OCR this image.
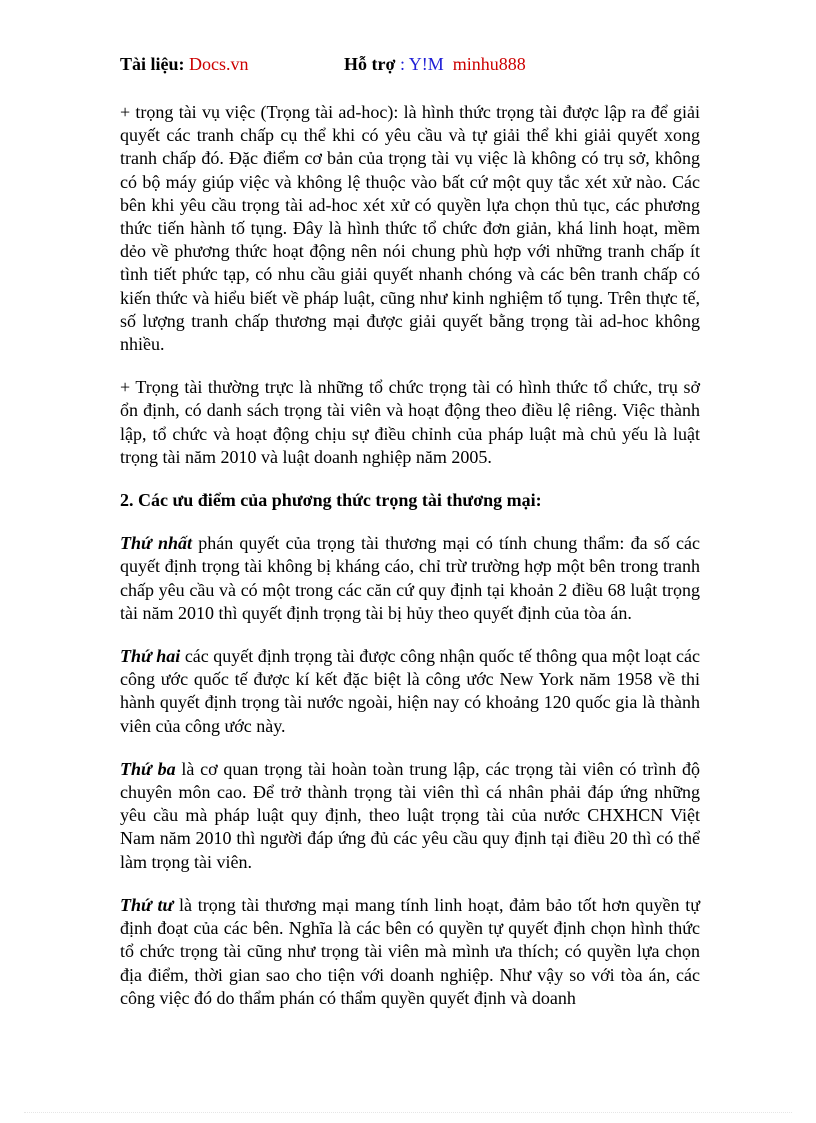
Tài liệu: Docs.vn	Hỗ trợ : Y!M minhu888

+ trọng tài vụ việc (Trọng tài ad-hoc): là hình thức trọng tài được lập ra để giải quyết các tranh chấp cụ thể khi có yêu cầu và tự giải thể khi giải quyết xong tranh chấp đó. Đặc điểm cơ bản của trọng tài vụ việc là không có trụ sở, không có bộ máy giúp việc và không lệ thuộc vào bất cứ một quy tắc xét xử nào. Các bên khi yêu cầu trọng tài ad-hoc xét xử có quyền lựa chọn thủ tục, các phương thức tiến hành tố tụng. Đây là hình thức tổ chức đơn giản, khá linh hoạt, mềm dẻo về phương thức hoạt động nên nói chung phù hợp với những tranh chấp ít tình tiết phức tạp, có nhu cầu giải quyết nhanh chóng và các bên tranh chấp có kiến thức và hiểu biết về pháp luật, cũng như kinh nghiệm tố tụng. Trên thực tế, số lượng tranh chấp thương mại được giải quyết bằng trọng tài ad-hoc không nhiều.

+ Trọng tài thường trực là những tổ chức trọng tài có hình thức tổ chức, trụ sở ổn định, có danh sách trọng tài viên và hoạt động theo điều lệ riêng. Việc thành lập, tổ chức và hoạt động chịu sự điều chỉnh của pháp luật mà chủ yếu là luật trọng tài năm 2010 và luật doanh nghiệp năm 2005.

2. Các ưu điểm của phương thức trọng tài thương mại:

Thứ nhất phán quyết của trọng tài thương mại có tính chung thẩm: đa số các quyết định trọng tài không bị kháng cáo, chỉ trừ trường hợp một bên trong tranh chấp yêu cầu và có một trong các căn cứ quy định tại khoản 2 điều 68 luật trọng tài năm 2010 thì quyết định trọng tài bị hủy theo quyết định của tòa án.

Thứ hai các quyết định trọng tài được công nhận quốc tế thông qua một loạt các công ước quốc tế được kí kết đặc biệt là công ước New York năm 1958 về thi hành quyết định trọng tài nước ngoài, hiện nay có khoảng 120 quốc gia là thành viên của công ước này.

Thứ ba là cơ quan trọng tài hoàn toàn trung lập, các trọng tài viên có trình độ chuyên môn cao. Để trở thành trọng tài viên thì cá nhân phải đáp ứng những yêu cầu mà pháp luật quy định, theo luật trọng tài của nước CHXHCN Việt Nam năm 2010 thì người đáp ứng đủ các yêu cầu quy định tại điều 20 thì có thể làm trọng tài viên.

Thứ tư là trọng tài thương mại mang tính linh hoạt, đảm bảo tốt hơn quyền tự định đoạt của các bên. Nghĩa là các bên có quyền tự quyết định chọn hình thức tổ chức trọng tài cũng như trọng tài viên mà mình ưa thích; có quyền lựa chọn địa điểm, thời gian sao cho tiện với doanh nghiệp. Như vậy so với tòa án, các công việc đó do thẩm phán có thẩm quyền quyết định và doanh
